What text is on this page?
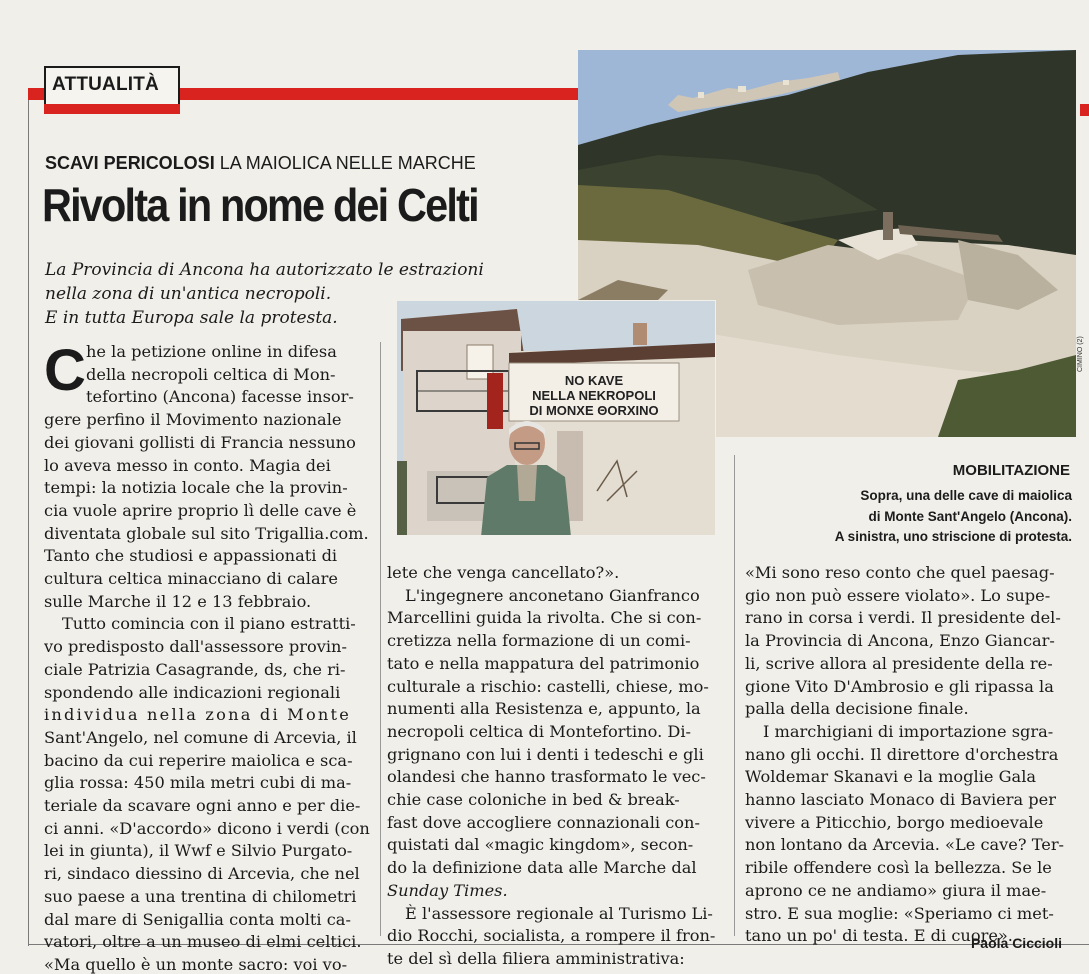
ATTUALITÀ
SCAVI PERICOLOSI LA MAIOLICA NELLE MARCHE
Rivolta in nome dei Celti
La Provincia di Ancona ha autorizzato le estrazioni
nella zona di un'antica necropoli.
E in tutta Europa sale la protesta.
CIMINO (2)
NO KAVE
NELLA NEKROPOLI
DI MONXE ΘORXINO
MOBILITAZIONE
Sopra, una delle cave di maiolica
di Monte Sant'Angelo (Ancona).
A sinistra, uno striscione di protesta.
C he la petizione online in difesa
della necropoli celtica di Mon-
tefortino (Ancona) facesse insor-
gere perfino il Movimento nazionale
dei giovani gollisti di Francia nessuno
lo aveva messo in conto. Magia dei
tempi: la notizia locale che la provin-
cia vuole aprire proprio lì delle cave è
diventata globale sul sito Trigallia.com.
Tanto che studiosi e appassionati di
cultura celtica minacciano di calare
sulle Marche il 12 e 13 febbraio.
Tutto comincia con il piano estratti-
vo predisposto dall'assessore provin-
ciale Patrizia Casagrande, ds, che ri-
spondendo alle indicazioni regionali
individua nella zona di Monte
Sant'Angelo, nel comune di Arcevia, il
bacino da cui reperire maiolica e sca-
glia rossa: 450 mila metri cubi di ma-
teriale da scavare ogni anno e per die-
ci anni. «D'accordo» dicono i verdi (con
lei in giunta), il Wwf e Silvio Purgato-
ri, sindaco diessino di Arcevia, che nel
suo paese a una trentina di chilometri
dal mare di Senigallia conta molti ca-
vatori, oltre a un museo di elmi celtici.
«Ma quello è un monte sacro: voi vo-
lete che venga cancellato?».
L'ingegnere anconetano Gianfranco
Marcellini guida la rivolta. Che si con-
cretizza nella formazione di un comi-
tato e nella mappatura del patrimonio
culturale a rischio: castelli, chiese, mo-
numenti alla Resistenza e, appunto, la
necropoli celtica di Montefortino. Di-
grignano con lui i denti i tedeschi e gli
olandesi che hanno trasformato le vec-
chie case coloniche in bed & break-
fast dove accogliere connazionali con-
quistati dal «magic kingdom», secon-
do la definizione data alle Marche dal
Sunday Times.
È l'assessore regionale al Turismo Li-
dio Rocchi, socialista, a rompere il fron-
te del sì della filiera amministrativa:
«Mi sono reso conto che quel paesag-
gio non può essere violato». Lo supe-
rano in corsa i verdi. Il presidente del-
la Provincia di Ancona, Enzo Giancar-
li, scrive allora al presidente della re-
gione Vito D'Ambrosio e gli ripassa la
palla della decisione finale.
I marchigiani di importazione sgra-
nano gli occhi. Il direttore d'orchestra
Woldemar Skanavi e la moglie Gala
hanno lasciato Monaco di Baviera per
vivere a Piticchio, borgo medioevale
non lontano da Arcevia. «Le cave? Ter-
ribile offendere così la bellezza. Se le
aprono ce ne andiamo» giura il mae-
stro. E sua moglie: «Speriamo ci met-
tano un po' di testa. E di cuore».
Paola Ciccioli
